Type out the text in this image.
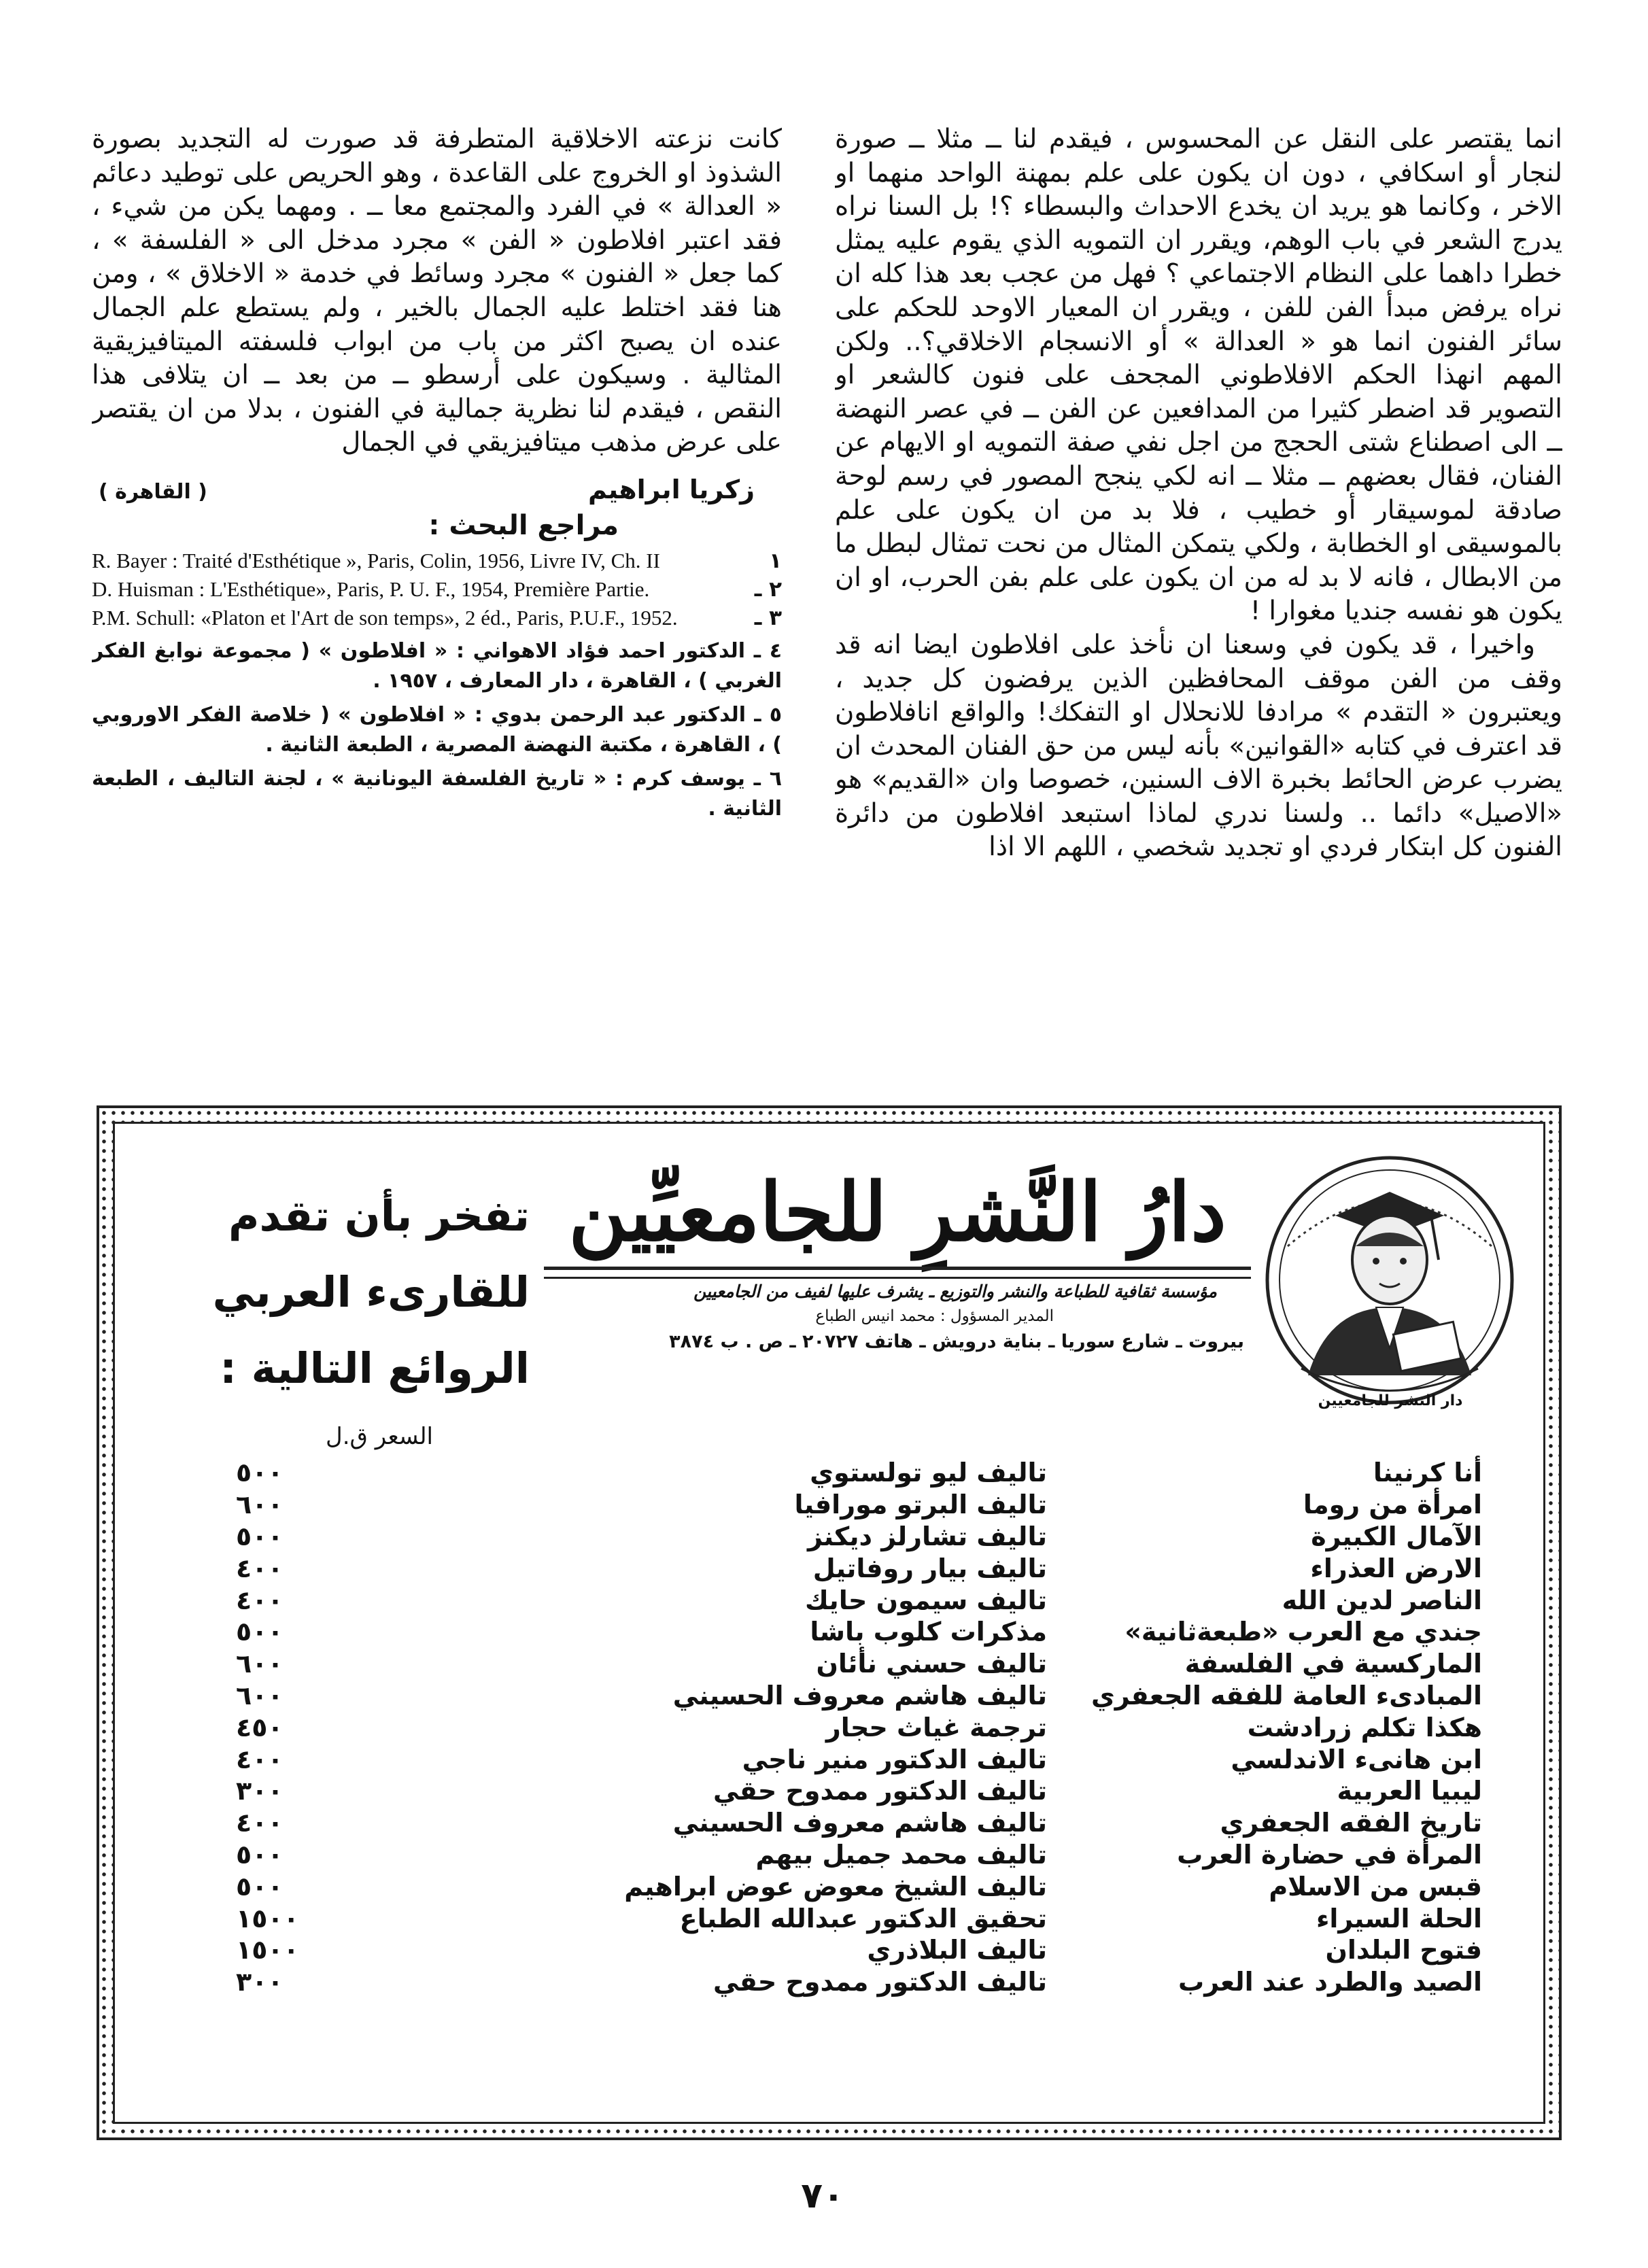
انما يقتصر على النقل عن المحسوس ، فيقدم لنا ــ مثلا ــ صورة لنجار أو اسكافي ، دون ان يكون على علم بمهنة الواحد منهما او الاخر ، وكانما هو يريد ان يخدع الاحداث والبسطاء ؟! بل السنا نراه يدرج الشعر في باب الوهم، ويقرر ان التمويه الذي يقوم عليه يمثل خطرا داهما على النظام الاجتماعي ؟ فهل من عجب بعد هذا كله ان نراه يرفض مبدأ الفن للفن ، ويقرر ان المعيار الاوحد للحكم على سائر الفنون انما هو « العدالة » أو الانسجام الاخلاقي؟.. ولكن المهم انهذا الحكم الافلاطوني المجحف على فنون كالشعر او التصوير قد اضطر كثيرا من المدافعين عن الفن ــ في عصر النهضة ــ الى اصطناع شتى الحجج من اجل نفي صفة التمويه او الايهام عن الفنان، فقال بعضهم ــ مثلا ــ انه لكي ينجح المصور في رسم لوحة صادقة لموسيقار أو خطيب ، فلا بد من ان يكون على علم بالموسيقى او الخطابة ، ولكي يتمكن المثال من نحت تمثال لبطل ما من الابطال ، فانه لا بد له من ان يكون على علم بفن الحرب، او ان يكون هو نفسه جنديا مغوارا !

واخيرا ، قد يكون في وسعنا ان نأخذ على افلاطون ايضا انه قد وقف من الفن موقف المحافظين الذين يرفضون كل جديد ، ويعتبرون « التقدم » مرادفا للانحلال او التفكك! والواقع انافلاطون قد اعترف في كتابه «القوانين» بأنه ليس من حق الفنان المحدث ان يضرب عرض الحائط بخبرة الاف السنين، خصوصا وان «القديم» هو «الاصيل» دائما .. ولسنا ندري لماذا استبعد افلاطون من دائرة الفنون كل ابتكار فردي او تجديد شخصي ، اللهم الا اذا

كانت نزعته الاخلاقية المتطرفة قد صورت له التجديد بصورة الشذوذ او الخروج على القاعدة ، وهو الحريص على توطيد دعائم « العدالة » في الفرد والمجتمع معا ــ . ومهما يكن من شيء ، فقد اعتبر افلاطون « الفن » مجرد مدخل الى « الفلسفة » ، كما جعل « الفنون » مجرد وسائط في خدمة « الاخلاق » ، ومن هنا فقد اختلط عليه الجمال بالخير ، ولم يستطع علم الجمال عنده ان يصبح اكثر من باب من ابواب فلسفته الميتافيزيقية المثالية . وسيكون على أرسطو ــ من بعد ــ ان يتلافى هذا النقص ، فيقدم لنا نظرية جمالية في الفنون ، بدلا من ان يقتصر على عرض مذهب ميتافيزيقي في الجمال

زكريا ابراهيم
( القاهرة )
مراجع البحث :
١
R. Bayer : Traité d'Esthétique », Paris, Colin, 1956, Livre IV, Ch. II
٢ ـ
D. Huisman : L'Esthétique», Paris, P. U. F., 1954, Première Partie.
٣ ـ
P.M. Schull: «Platon et l'Art de son temps», 2 éd., Paris, P.U.F., 1952.
٤ ـ الدكتور احمد فؤاد الاهواني : « افلاطون » ( مجموعة نوابغ الفكر الغربي ) ، القاهرة ، دار المعارف ، ١٩٥٧ .
٥ ـ الدكتور عبد الرحمن بدوي : « افلاطون » ( خلاصة الفكر الاوروبي ) ، القاهرة ، مكتبة النهضة المصرية ، الطبعة الثانية .
٦ ـ يوسف كرم : « تاريخ الفلسفة اليونانية » ، لجنة التاليف ، الطبعة الثانية .
دار النشر للجامعيين
دارُ النَّشرِ للجامعيِّين
مؤسسة ثقافية للطباعة والنشر والتوزيع ـ يشرف عليها لفيف من الجامعيين
المدير المسؤول : محمد انيس الطباع
بيروت ـ شارع سوريا ـ بناية درويش ـ هاتف ٢٠٧٢٧ ـ ص . ب ٣٨٧٤
تفخر بأن تقدم
للقارىء العربي
الروائع التالية :
السعر ق.ل
أنا كرنينا
تاليف ليو تولستوي
٥٠٠
امرأة من روما
تاليف البرتو مورافيا
٦٠٠
الآمال الكبيرة
تاليف تشارلز ديكنز
٥٠٠
الارض العذراء
تاليف بيار روفاتيل
٤٠٠
الناصر لدين الله
تاليف سيمون حايك
٤٠٠
جندي مع العرب «طبعةثانية»
مذكرات كلوب باشا
٥٠٠
الماركسية في الفلسفة
تاليف حسني نأئان
٦٠٠
المبادىء العامة للفقه الجعفري
تاليف هاشم معروف الحسيني
٦٠٠
هكذا تكلم زرادشت
ترجمة غياث حجار
٤٥٠
ابن هانىء الاندلسي
تاليف الدكتور منير ناجي
٤٠٠
ليبيا العربية
تاليف الدكتور ممدوح حقي
٣٠٠
تاريخ الفقه الجعفري
تاليف هاشم معروف الحسيني
٤٠٠
المرأة في حضارة العرب
تاليف محمد جميل بيهم
٥٠٠
قبس من الاسلام
تاليف الشيخ معوض عوض ابراهيم
٥٠٠
الحلة السيراء
تحقيق الدكتور عبدالله الطباع
١٥٠٠
فتوح البلدان
تاليف البلاذري
١٥٠٠
الصيد والطرد عند العرب
تاليف الدكتور ممدوح حقي
٣٠٠
٧٠
